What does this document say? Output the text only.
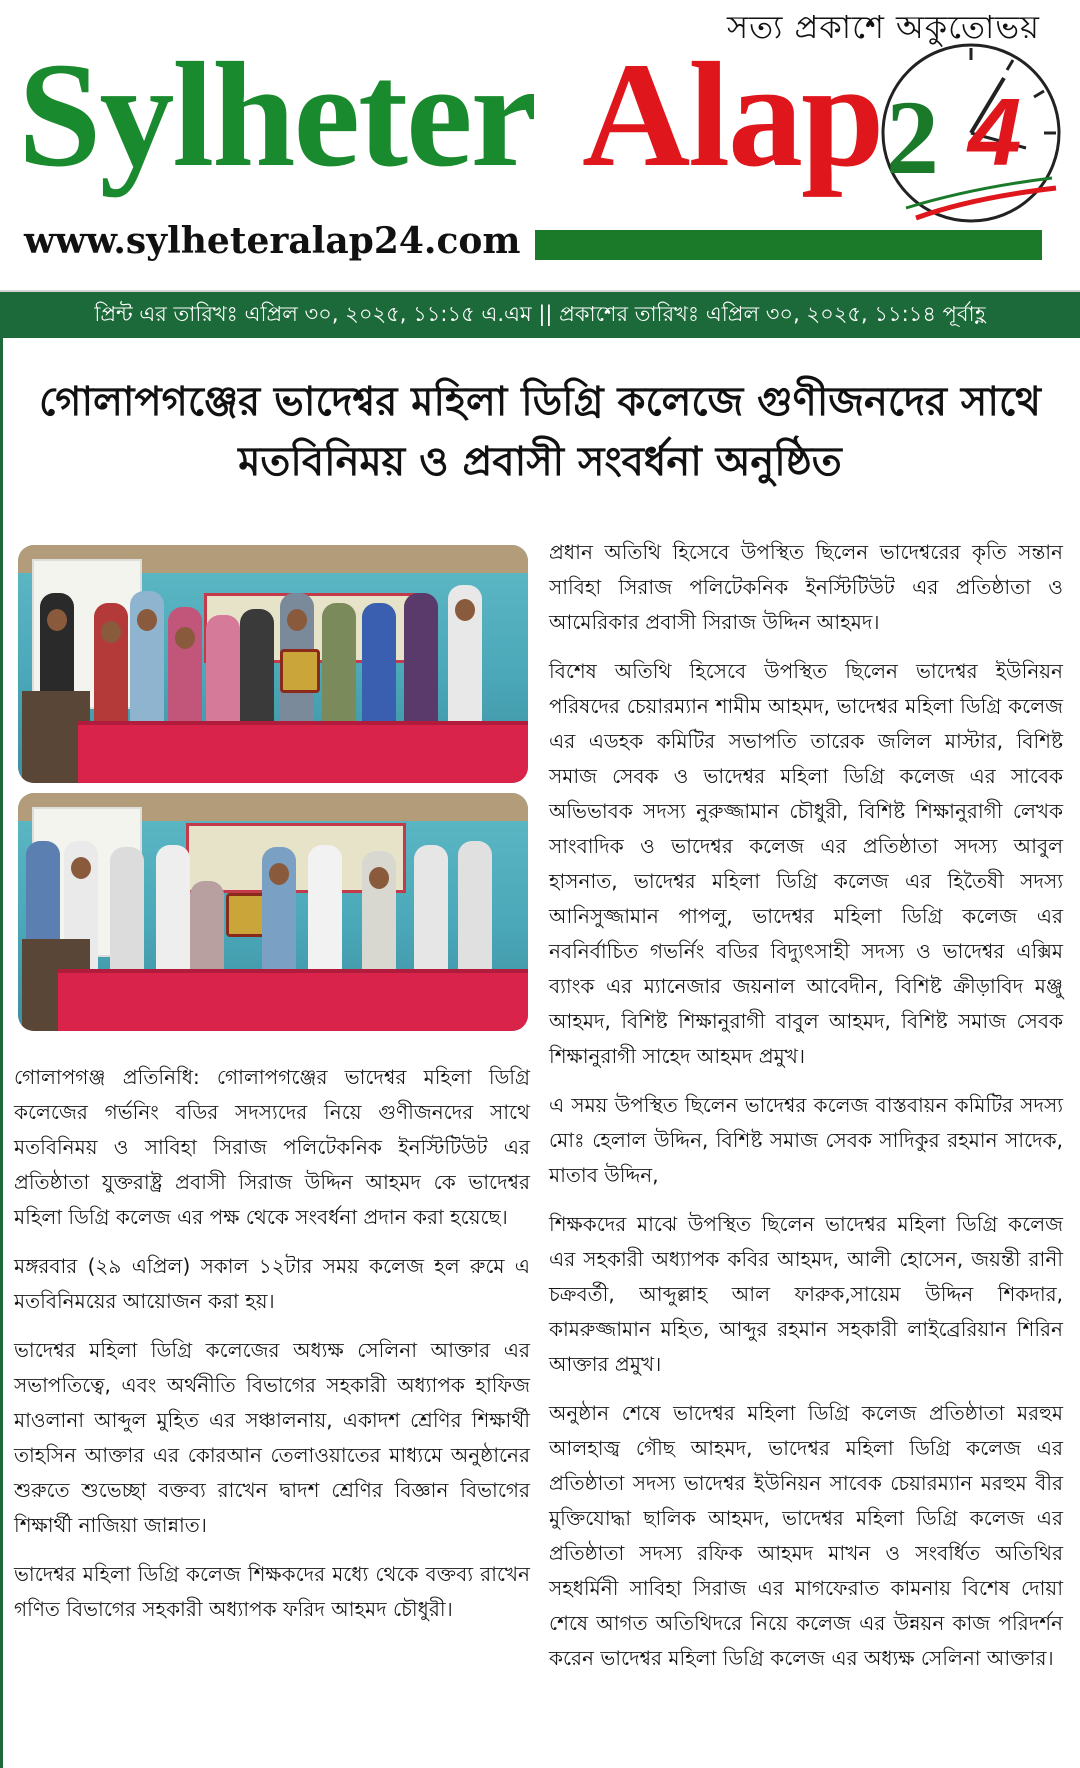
সত্য প্রকাশে অকুতোভয়
Sylheter Alap 2 4
www.sylheteralap24.com
প্রিন্ট এর তারিখঃ এপ্রিল ৩০, ২০২৫, ১১:১৫ এ.এম || প্রকাশের তারিখঃ এপ্রিল ৩০, ২০২৫, ১১:১৪ পূর্বাহ্ণ
গোলাপগঞ্জের ভাদেশ্বর মহিলা ডিগ্রি কলেজে গুণীজনদের সাথে
মতবিনিময় ও প্রবাসী সংবর্ধনা অনুষ্ঠিত

গোলাপগঞ্জ প্রতিনিধি: গোলাপগঞ্জের ভাদেশ্বর মহিলা ডিগ্রি কলেজের গর্ভনিং বডির সদস্যদের নিয়ে গুণীজনদের সাথে মতবিনিময় ও সাবিহা সিরাজ পলিটেকনিক ইনস্টিটিউট এর প্রতিষ্ঠাতা যুক্তরাষ্ট্র প্রবাসী সিরাজ উদ্দিন আহমদ কে ভাদেশ্বর মহিলা ডিগ্রি কলেজ এর পক্ষ থেকে সংবর্ধনা প্রদান করা হয়েছে।

মঙ্গরবার (২৯ এপ্রিল) সকাল ১২টার সময় কলেজ হল রুমে এ মতবিনিময়ের আয়োজন করা হয়।

ভাদেশ্বর মহিলা ডিগ্রি কলেজের অধ্যক্ষ সেলিনা আক্তার এর সভাপতিত্বে, এবং অর্থনীতি বিভাগের সহকারী অধ্যাপক হাফিজ মাওলানা আব্দুল মুহিত এর সঞ্চালনায়, একাদশ শ্রেণির শিক্ষার্থী তাহসিন আক্তার এর কোরআন তেলাওয়াতের মাধ্যমে অনুষ্ঠানের শুরুতে শুভেচ্ছা বক্তব্য রাখেন দ্বাদশ শ্রেণির বিজ্ঞান বিভাগের শিক্ষার্থী নাজিয়া জান্নাত।

ভাদেশ্বর মহিলা ডিগ্রি কলেজ শিক্ষকদের মধ্যে থেকে বক্তব্য রাখেন গণিত বিভাগের সহকারী অধ্যাপক ফরিদ আহমদ চৌধুরী।

প্রধান অতিথি হিসেবে উপস্থিত ছিলেন ভাদেশ্বরের কৃতি সন্তান সাবিহা সিরাজ পলিটেকনিক ইনস্টিটিউট এর প্রতিষ্ঠাতা ও আমেরিকার প্রবাসী সিরাজ উদ্দিন আহমদ।

বিশেষ অতিথি হিসেবে উপস্থিত ছিলেন ভাদেশ্বর ইউনিয়ন পরিষদের চেয়ারম্যান শামীম আহমদ, ভাদেশ্বর মহিলা ডিগ্রি কলেজ এর এডহক কমিটির সভাপতি তারেক জলিল মাস্টার, বিশিষ্ট সমাজ সেবক ও ভাদেশ্বর মহিলা ডিগ্রি কলেজ এর সাবেক অভিভাবক সদস্য নুরুজ্জামান চৌধুরী, বিশিষ্ট শিক্ষানুরাগী লেখক সাংবাদিক ও ভাদেশ্বর কলেজ এর প্রতিষ্ঠাতা সদস্য আবুল হাসনাত, ভাদেশ্বর মহিলা ডিগ্রি কলেজ এর হিতৈষী সদস্য আনিসুজ্জামান পাপলু, ভাদেশ্বর মহিলা ডিগ্রি কলেজ এর নবনির্বাচিত গভর্নিং বডির বিদ্যুৎসাহী সদস্য ও ভাদেশ্বর এক্সিম ব্যাংক এর ম্যানেজার জয়নাল আবেদীন, বিশিষ্ট ক্রীড়াবিদ মঞ্জু আহমদ, বিশিষ্ট শিক্ষানুরাগী বাবুল আহমদ, বিশিষ্ট সমাজ সেবক শিক্ষানুরাগী সাহেদ আহমদ প্রমুখ।

এ সময় উপস্থিত ছিলেন ভাদেশ্বর কলেজ বাস্তবায়ন কমিটির সদস্য মোঃ হেলাল উদ্দিন, বিশিষ্ট সমাজ সেবক সাদিকুর রহমান সাদেক, মাতাব উদ্দিন,

শিক্ষকদের মাঝে উপস্থিত ছিলেন ভাদেশ্বর মহিলা ডিগ্রি কলেজ এর সহকারী অধ্যাপক কবির আহমদ, আলী হোসেন, জয়ন্তী রানী চক্রবর্তী, আব্দুল্লাহ আল ফারুক,সায়েম উদ্দিন শিকদার, কামরুজ্জামান মহিত, আব্দুর রহমান সহকারী লাইব্রেরিয়ান শিরিন আক্তার প্রমুখ।

অনুষ্ঠান শেষে ভাদেশ্বর মহিলা ডিগ্রি কলেজ প্রতিষ্ঠাতা মরহুম আলহাজ্ব গৌছ আহমদ, ভাদেশ্বর মহিলা ডিগ্রি কলেজ এর প্রতিষ্ঠাতা সদস্য ভাদেশ্বর ইউনিয়ন সাবেক চেয়ারম্যান মরহুম বীর মুক্তিযোদ্ধা ছালিক আহমদ, ভাদেশ্বর মহিলা ডিগ্রি কলেজ এর প্রতিষ্ঠাতা সদস্য রফিক আহমদ মাখন ও সংবর্ধিত অতিথির সহধর্মিনী সাবিহা সিরাজ এর মাগফেরাত কামনায় বিশেষ দোয়া শেষে আগত অতিথিদরে নিয়ে কলেজ এর উন্নয়ন কাজ পরিদর্শন করেন ভাদেশ্বর মহিলা ডিগ্রি কলেজ এর অধ্যক্ষ সেলিনা আক্তার।
